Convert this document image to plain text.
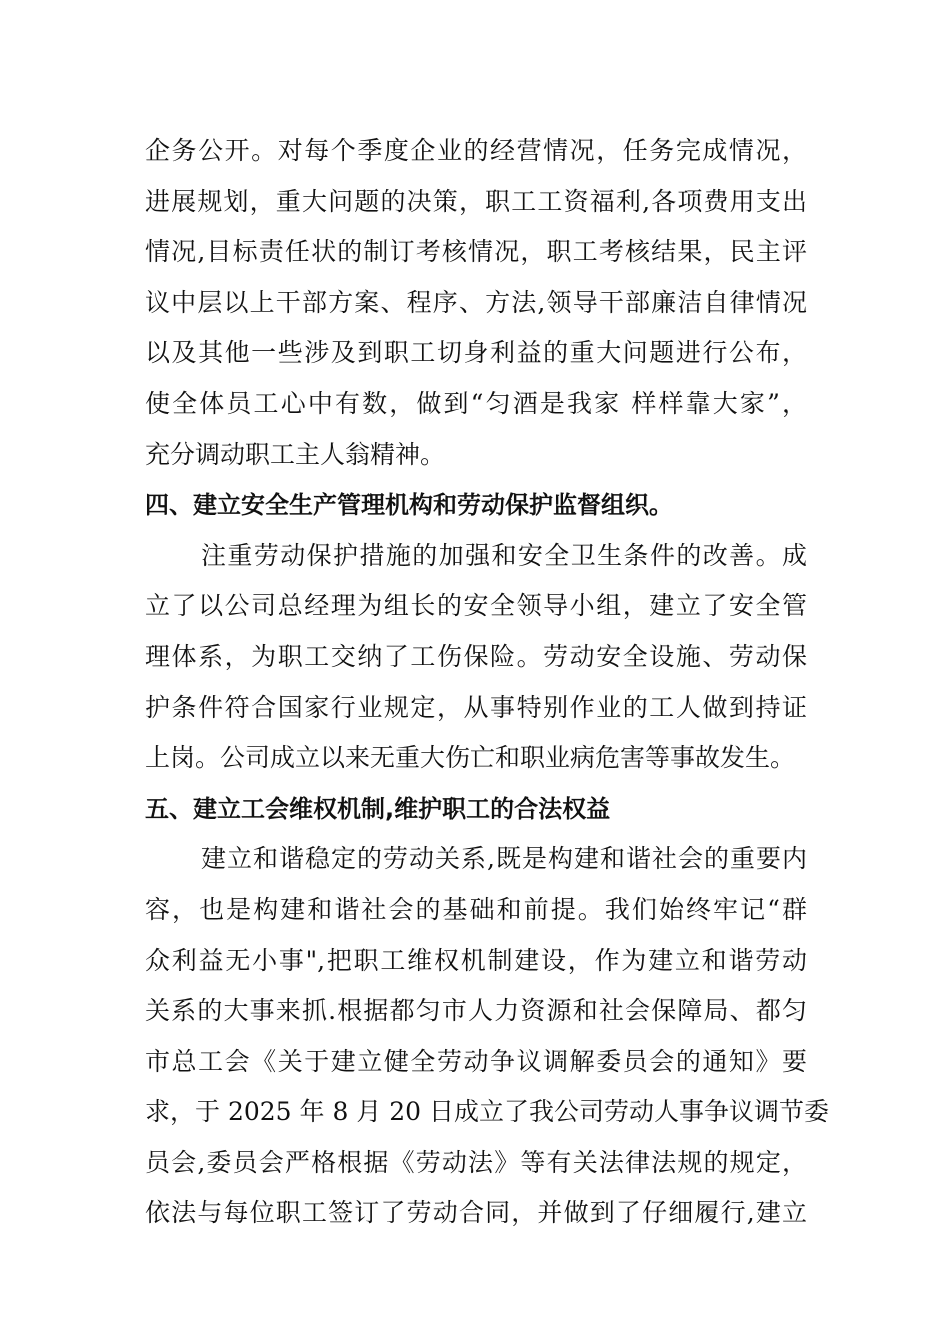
企务公开。对每个季度企业的经营情况，任务完成情况，
进展规划，重大问题的决策，职工工资福利,各项费用支出
情况,目标责任状的制订考核情况，职工考核结果，民主评
议中层以上干部方案、程序、方法,领导干部廉洁自律情况
以及其他一些涉及到职工切身利益的重大问题进行公布，
使全体员工心中有数，做到“匀酒是我家 样样靠大家”，
充分调动职工主人翁精神。
四、建立安全生产管理机构和劳动保护监督组织。
注重劳动保护措施的加强和安全卫生条件的改善。成
立了以公司总经理为组长的安全领导小组，建立了安全管
理体系，为职工交纳了工伤保险。劳动安全设施、劳动保
护条件符合国家行业规定，从事特别作业的工人做到持证
上岗。公司成立以来无重大伤亡和职业病危害等事故发生。
五、建立工会维权机制,维护职工的合法权益
建立和谐稳定的劳动关系,既是构建和谐社会的重要内
容，也是构建和谐社会的基础和前提。我们始终牢记“群
众利益无小事",把职工维权机制建设，作为建立和谐劳动
关系的大事来抓.根据都匀市人力资源和社会保障局、都匀
市总工会《关于建立健全劳动争议调解委员会的通知》要
求，于 2025 年 8 月 20 日成立了我公司劳动人事争议调节委
员会,委员会严格根据《劳动法》等有关法律法规的规定，
依法与每位职工签订了劳动合同，并做到了仔细履行,建立
